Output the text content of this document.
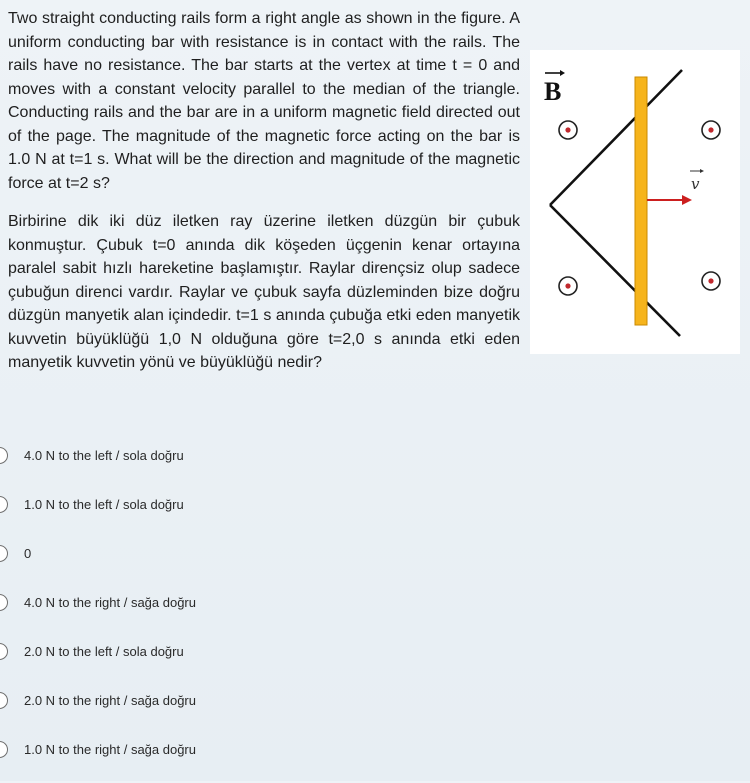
Two straight conducting rails form a right angle as shown in the figure. A uniform conducting bar with resistance is in contact with the rails. The rails have no resistance. The bar starts at the vertex at time t = 0 and moves with a constant velocity parallel to the median of the triangle. Conducting rails and the bar are in a uniform magnetic field directed out of the page. The magnitude of the magnetic force acting on the bar is 1.0 N at t=1 s. What will be the direction and magnitude of the magnetic force at t=2 s?

Birbirine dik iki düz iletken ray üzerine iletken düzgün bir çubuk konmuştur. Çubuk t=0 anında dik köşeden üçgenin kenar ortayına paralel sabit hızlı hareketine başlamıştır. Raylar dirençsiz olup sadece çubuğun direnci vardır. Raylar ve çubuk sayfa düzleminden bize doğru düzgün manyetik alan içindedir. t=1 s anında çubuğa etki eden manyetik kuvvetin büyüklüğü 1,0 N olduğuna göre t=2,0 s anında etki eden manyetik kuvvetin yönü ve büyüklüğü nedir?

B
v
4.0 N to the left / sola doğru
1.0 N to the left / sola doğru
0
4.0 N to the right / sağa doğru
2.0 N to the left / sola doğru
2.0 N to the right / sağa doğru
1.0 N to the right / sağa doğru
